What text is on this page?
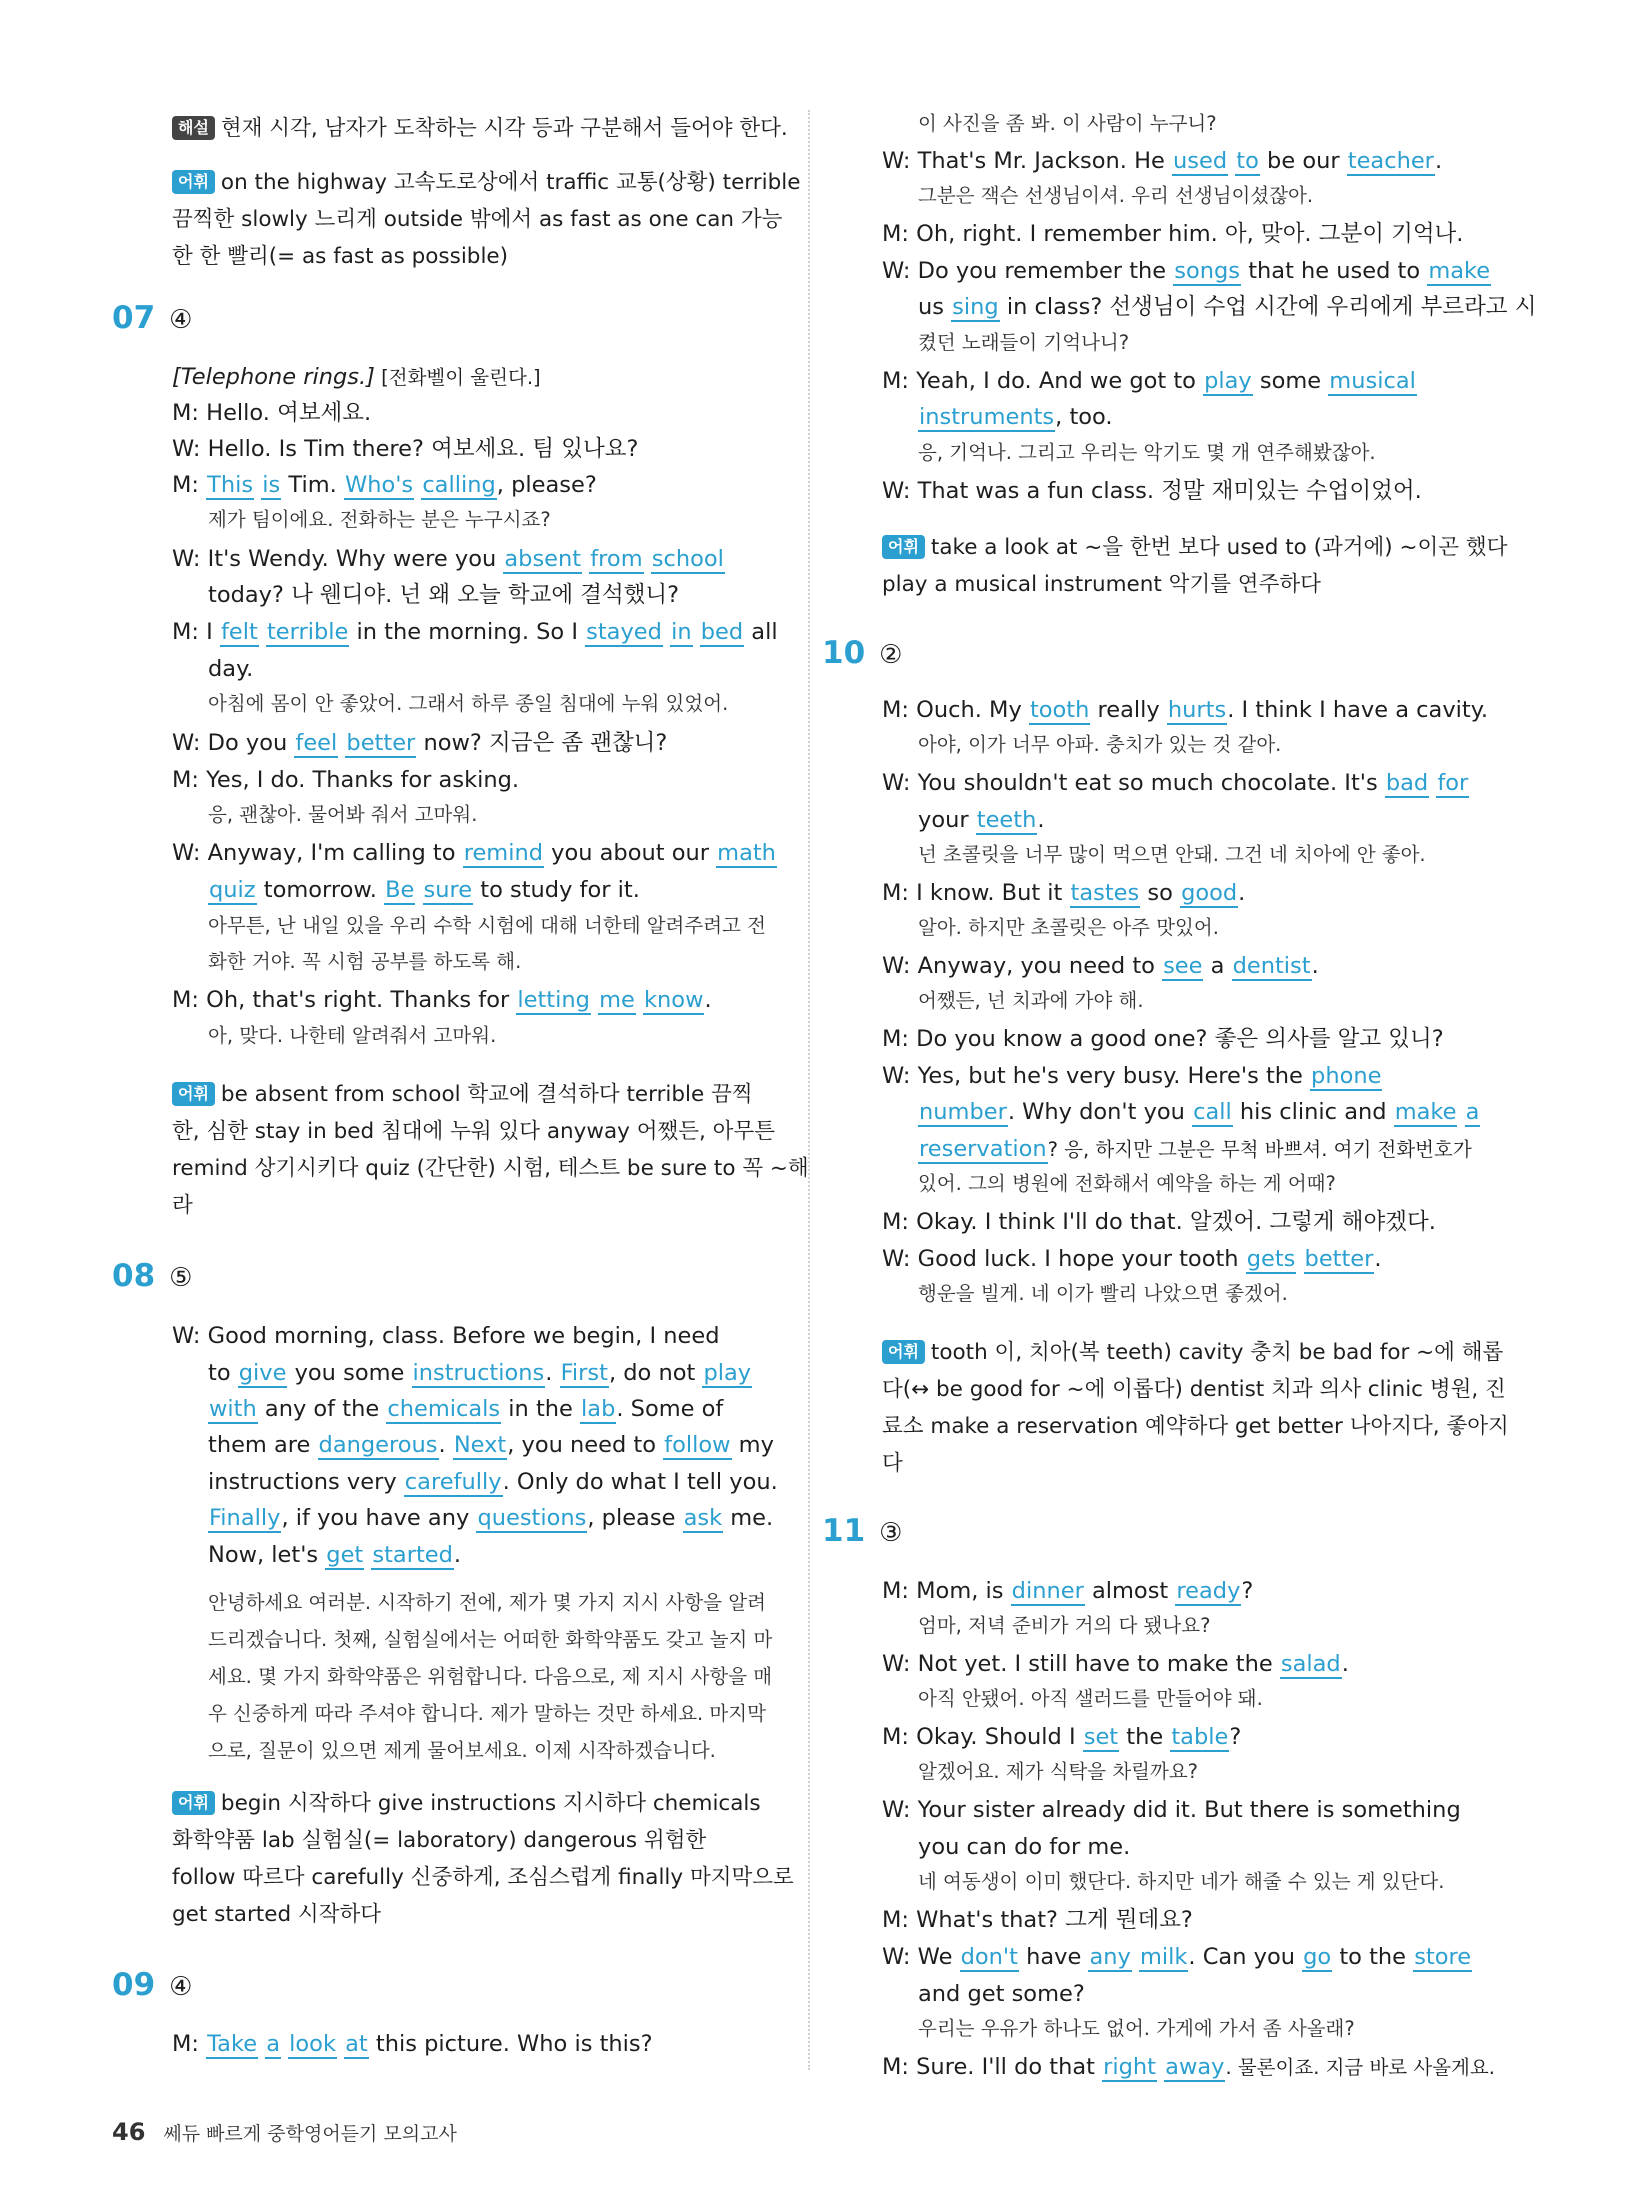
해설 현재 시각, 남자가 도착하는 시각 등과 구분해서 들어야 한다.
어휘 on the highway 고속도로상에서 traffic 교통(상황) terrible
끔찍한 slowly 느리게 outside 밖에서 as fast as one can 가능
한 한 빨리(= as fast as possible)
07 ④
[Telephone rings.] [전화벨이 울린다.]
M: Hello. 여보세요.
W: Hello. Is Tim there? 여보세요. 팀 있나요?
M: This is Tim. Who's calling, please?
제가 팀이에요. 전화하는 분은 누구시죠?
W: It's Wendy. Why were you absent from school
today? 나 웬디야. 넌 왜 오늘 학교에 결석했니?
M: I felt terrible in the morning. So I stayed in bed all
day.
아침에 몸이 안 좋았어. 그래서 하루 종일 침대에 누워 있었어.
W: Do you feel better now? 지금은 좀 괜찮니?
M: Yes, I do. Thanks for asking.
응, 괜찮아. 물어봐 줘서 고마워.
W: Anyway, I'm calling to remind you about our math
quiz tomorrow. Be sure to study for it.
아무튼, 난 내일 있을 우리 수학 시험에 대해 너한테 알려주려고 전
화한 거야. 꼭 시험 공부를 하도록 해.
M: Oh, that's right. Thanks for letting me know.
아, 맞다. 나한테 알려줘서 고마워.
어휘 be absent from school 학교에 결석하다 terrible 끔찍
한, 심한 stay in bed 침대에 누워 있다 anyway 어쨌든, 아무튼
remind 상기시키다 quiz (간단한) 시험, 테스트 be sure to 꼭 ~해
라
08 ⑤
W: Good morning, class. Before we begin, I need
to give you some instructions. First, do not play
with any of the chemicals in the lab. Some of
them are dangerous. Next, you need to follow my
instructions very carefully. Only do what I tell you.
Finally, if you have any questions, please ask me.
Now, let's get started.
안녕하세요 여러분. 시작하기 전에, 제가 몇 가지 지시 사항을 알려
드리겠습니다. 첫째, 실험실에서는 어떠한 화학약품도 갖고 놀지 마
세요. 몇 가지 화학약품은 위험합니다. 다음으로, 제 지시 사항을 매
우 신중하게 따라 주셔야 합니다. 제가 말하는 것만 하세요. 마지막
으로, 질문이 있으면 제게 물어보세요. 이제 시작하겠습니다.
어휘 begin 시작하다 give instructions 지시하다 chemicals
화학약품 lab 실험실(= laboratory) dangerous 위험한
follow 따르다 carefully 신중하게, 조심스럽게 finally 마지막으로
get started 시작하다
09 ④
M: Take a look at this picture. Who is this?
46 쎄듀 빠르게 중학영어듣기 모의고사
이 사진을 좀 봐. 이 사람이 누구니?
W: That's Mr. Jackson. He used to be our teacher.
그분은 잭슨 선생님이셔. 우리 선생님이셨잖아.
M: Oh, right. I remember him. 아, 맞아. 그분이 기억나.
W: Do you remember the songs that he used to make
us sing in class? 선생님이 수업 시간에 우리에게 부르라고 시
켰던 노래들이 기억나니?
M: Yeah, I do. And we got to play some musical
instruments, too.
응, 기억나. 그리고 우리는 악기도 몇 개 연주해봤잖아.
W: That was a fun class. 정말 재미있는 수업이었어.
어휘 take a look at ~을 한번 보다 used to (과거에) ~이곤 했다
play a musical instrument 악기를 연주하다
10 ②
M: Ouch. My tooth really hurts. I think I have a cavity.
아야, 이가 너무 아파. 충치가 있는 것 같아.
W: You shouldn't eat so much chocolate. It's bad for
your teeth.
넌 초콜릿을 너무 많이 먹으면 안돼. 그건 네 치아에 안 좋아.
M: I know. But it tastes so good.
알아. 하지만 초콜릿은 아주 맛있어.
W: Anyway, you need to see a dentist.
어쨌든, 넌 치과에 가야 해.
M: Do you know a good one? 좋은 의사를 알고 있니?
W: Yes, but he's very busy. Here's the phone
number. Why don't you call his clinic and make a
reservation? 응, 하지만 그분은 무척 바쁘셔. 여기 전화번호가
있어. 그의 병원에 전화해서 예약을 하는 게 어때?
M: Okay. I think I'll do that. 알겠어. 그렇게 해야겠다.
W: Good luck. I hope your tooth gets better.
행운을 빌게. 네 이가 빨리 나았으면 좋겠어.
어휘 tooth 이, 치아(복 teeth) cavity 충치 be bad for ~에 해롭
다(↔ be good for ~에 이롭다) dentist 치과 의사 clinic 병원, 진
료소 make a reservation 예약하다 get better 나아지다, 좋아지
다
11 ③
M: Mom, is dinner almost ready?
엄마, 저녁 준비가 거의 다 됐나요?
W: Not yet. I still have to make the salad.
아직 안됐어. 아직 샐러드를 만들어야 돼.
M: Okay. Should I set the table?
알겠어요. 제가 식탁을 차릴까요?
W: Your sister already did it. But there is something
you can do for me.
네 여동생이 이미 했단다. 하지만 네가 해줄 수 있는 게 있단다.
M: What's that? 그게 뭔데요?
W: We don't have any milk. Can you go to the store
and get some?
우리는 우유가 하나도 없어. 가게에 가서 좀 사올래?
M: Sure. I'll do that right away. 물론이죠. 지금 바로 사올게요.
